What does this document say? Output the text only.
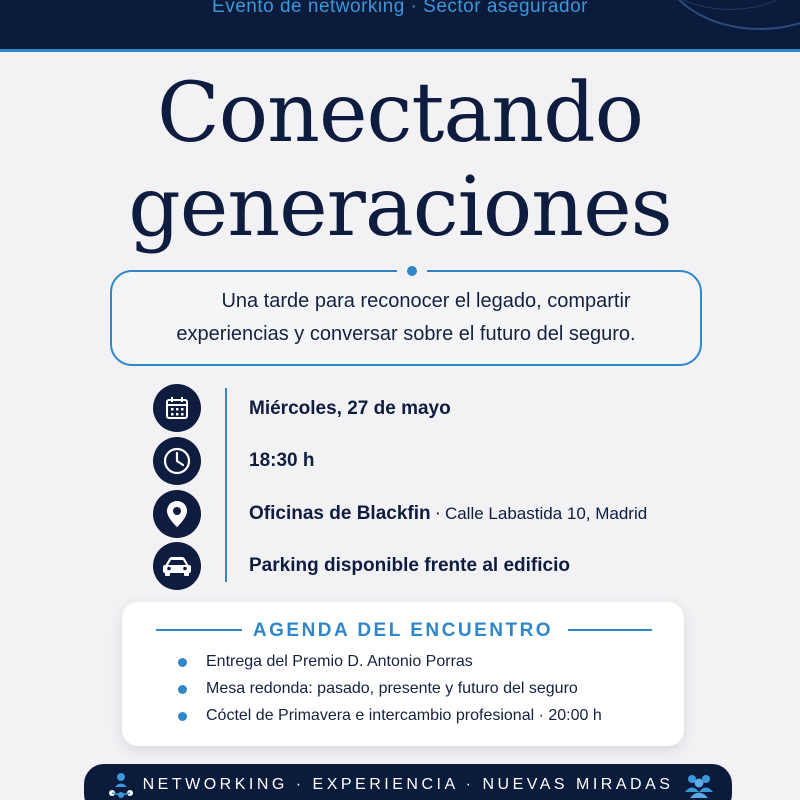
Evento de networking · Sector asegurador
Conectando
generaciones
Una tarde para reconocer el legado, compartir
experiencias y conversar sobre el futuro del seguro.
Miércoles, 27 de mayo
18:30 h
Oficinas de Blackfin · Calle Labastida 10, Madrid
Parking disponible frente al edificio
AGENDA DEL ENCUENTRO
Entrega del Premio D. Antonio Porras
Mesa redonda: pasado, presente y futuro del seguro
Cóctel de Primavera e intercambio profesional · 20:00 h
NETWORKING · EXPERIENCIA · NUEVAS MIRADAS
